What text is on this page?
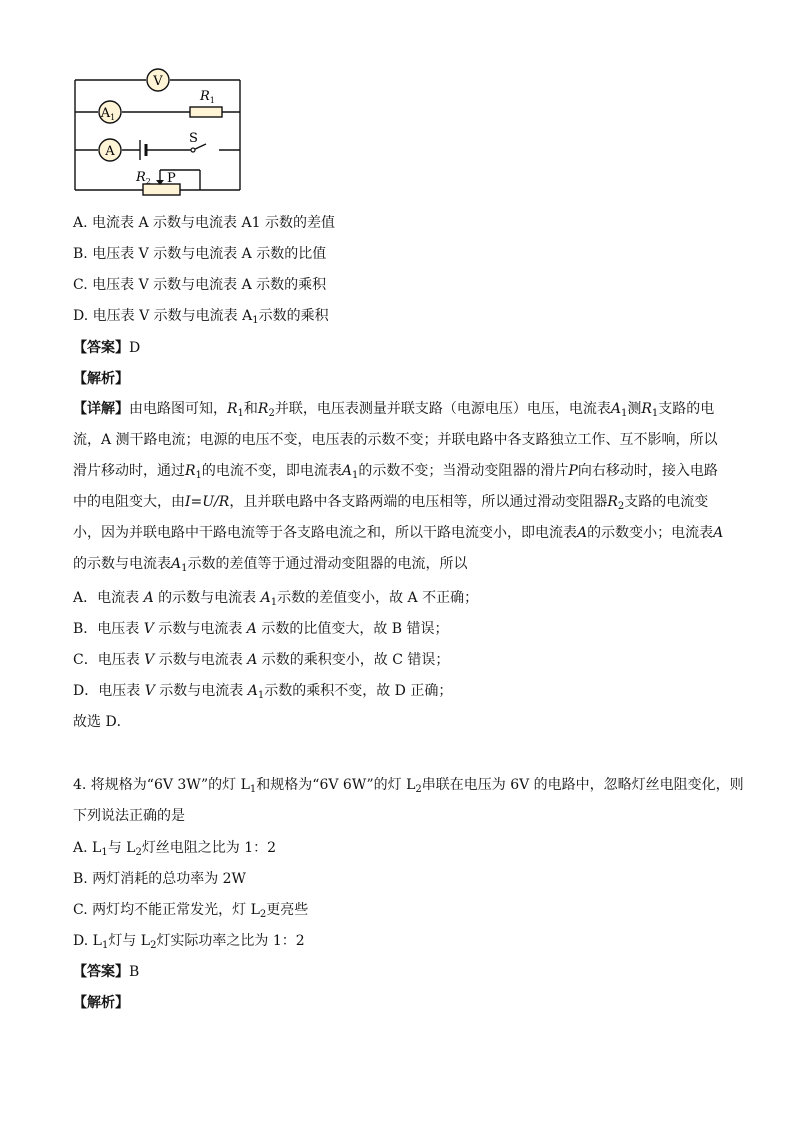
V
$A_1$
$R_1$
A
S
$R_2$ P
A. 电流表 A 示数与电流表 A1 示数的差值
B. 电压表 V 示数与电流表 A 示数的比值
C. 电压表 V 示数与电流表 A 示数的乘积
D. 电压表 V 示数与电流表 $A_1$示数的乘积
【答案】D
【解析】
【详解】由电路图可知，$R_1$和$R_2$并联，电压表测量并联支路（电源电压）电压，电流表$A_1$测$R_1$支路的电流，A 测干路电流；电源的电压不变，电压表的示数不变；并联电路中各支路独立工作、互不影响，所以滑片移动时，通过$R_1$的电流不变，即电流表$A_1$的示数不变；当滑动变阻器的滑片P向右移动时，接入电路中的电阻变大，由I=U/R，且并联电路中各支路两端的电压相等，所以通过滑动变阻器$R_2$支路的电流变小，因为并联电路中干路电流等于各支路电流之和，所以干路电流变小，即电流表A的示数变小；电流表A的示数与电流表$A_1$示数的差值等于通过滑动变阻器的电流，所以
A．电流表 A 的示数与电流表 $A_1$示数的差值变小，故 A 不正确；
B．电压表 V 示数与电流表 A 示数的比值变大，故 B 错误；
C．电压表 V 示数与电流表 A 示数的乘积变小，故 C 错误；
D．电压表 V 示数与电流表 $A_1$示数的乘积不变，故 D 正确；
故选 D．
4. 将规格为“6V 3W”的灯 $L_1$和规格为“6V 6W”的灯 $L_2$串联在电压为 6V 的电路中，忽略灯丝电阻变化，则
下列说法正确的是
A. $L_1$与 $L_2$灯丝电阻之比为 1：2
B. 两灯消耗的总功率为 2W
C. 两灯均不能正常发光，灯 $L_2$更亮些
D. $L_1$灯与 $L_2$灯实际功率之比为 1：2
【答案】B
【解析】
